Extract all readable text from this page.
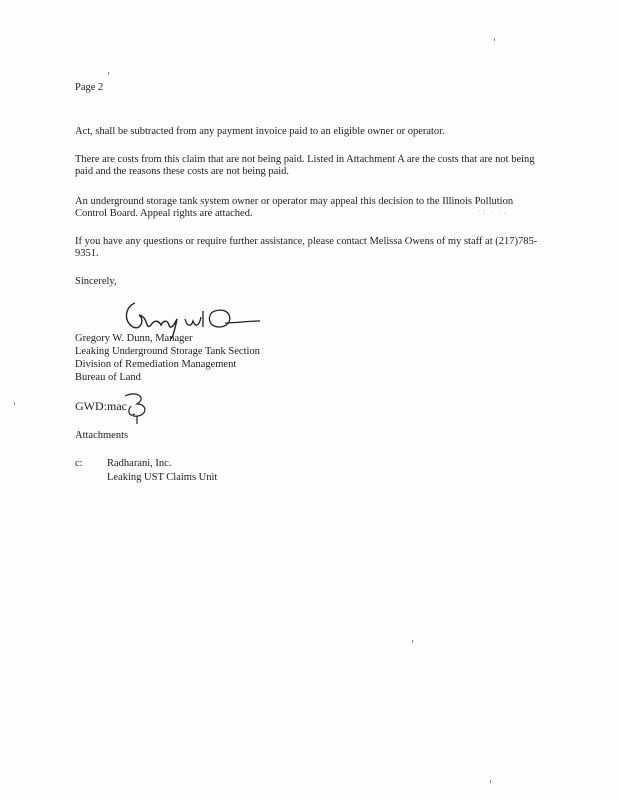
Page 2
Act, shall be subtracted from any payment invoice paid to an eligible owner or operator.
There are costs from this claim that are not being paid. Listed in Attachment A are the costs that are not being paid and the reasons these costs are not being paid.
An underground storage tank system owner or operator may appeal this decision to the Illinois Pollution Control Board. Appeal rights are attached.
If you have any questions or require further assistance, please contact Melissa Owens of my staff at (217)785-9351.
Sincerely,
Gregory W. Dunn, Manager
Leaking Underground Storage Tank Section
Division of Remediation Management
Bureau of Land
GWD:mac
Attachments
c: Radharani, Inc.
Leaking UST Claims Unit
·: ∙ ·.
